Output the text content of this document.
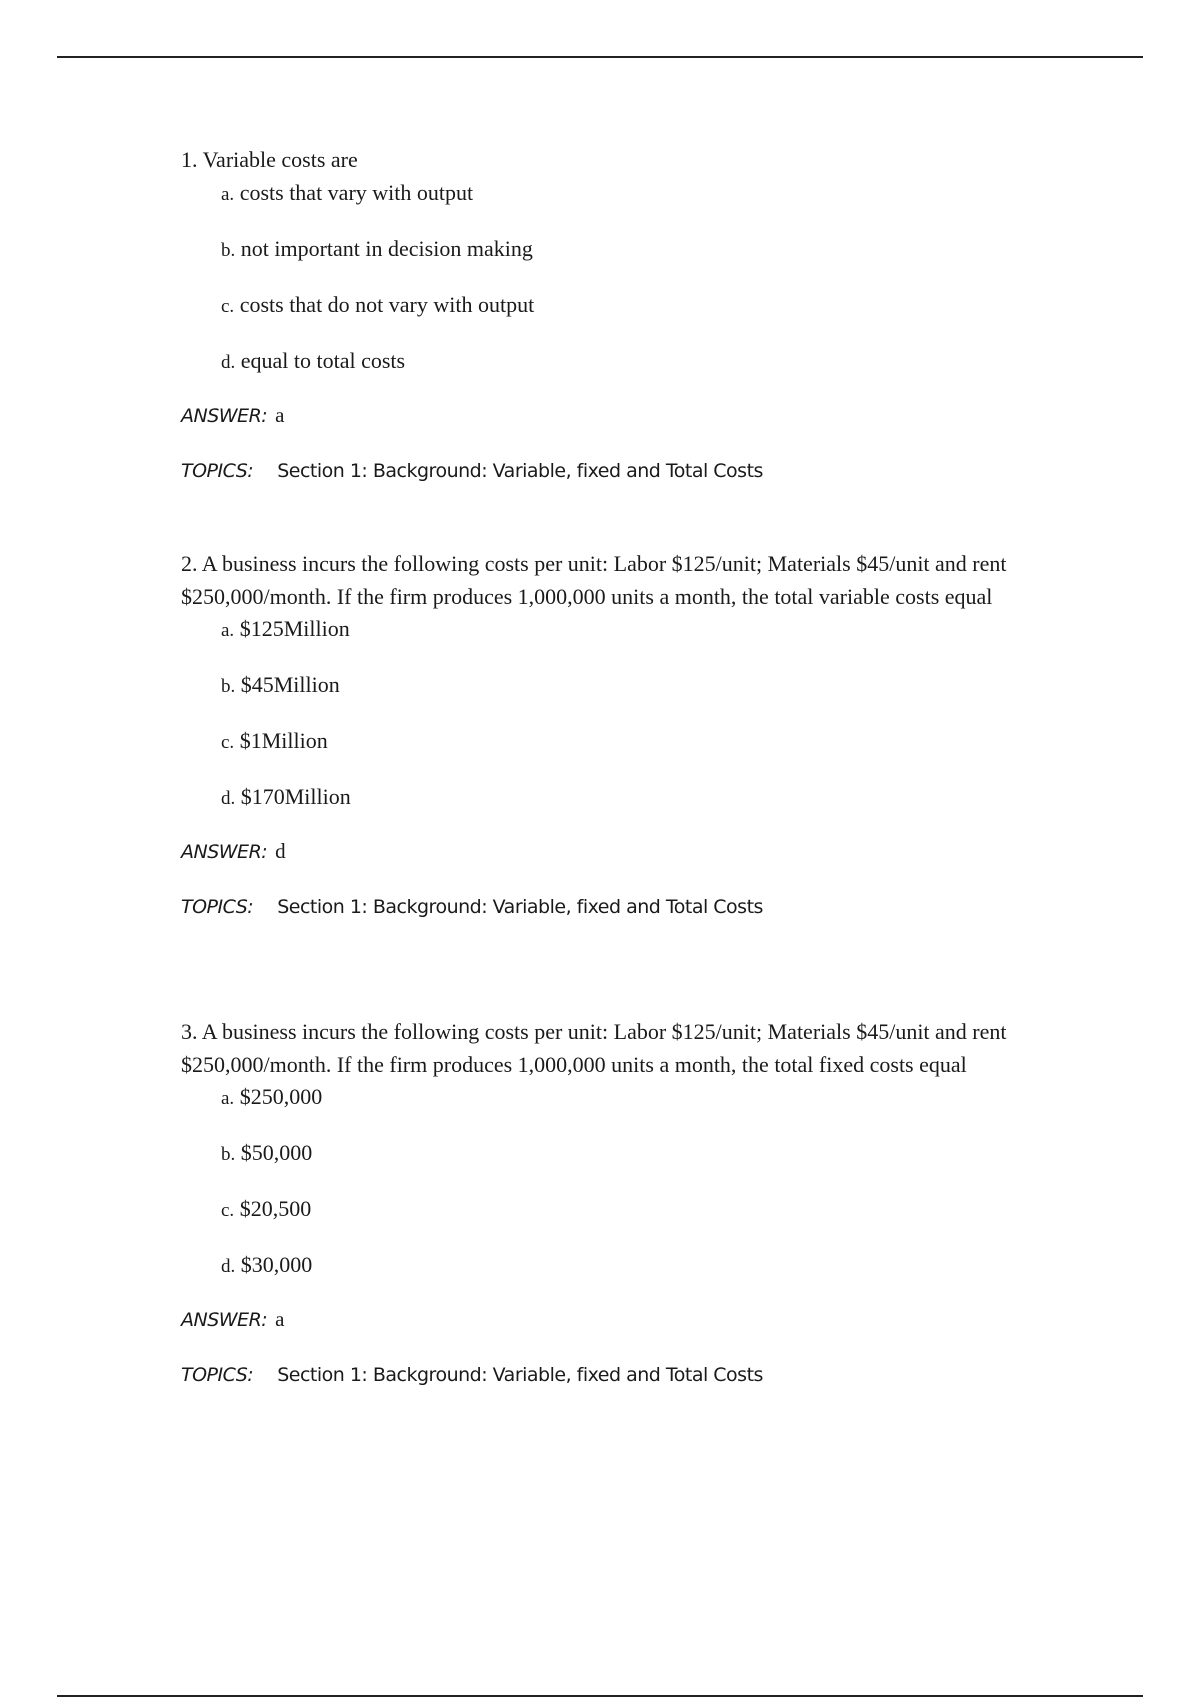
1. Variable costs are

a. costs that vary with output
b. not important in decision making
c. costs that do not vary with output
d. equal to total costs
ANSWER: a
TOPICS: Section 1: Background: Variable, fixed and Total Costs

2. A business incurs the following costs per unit: Labor $125/unit; Materials $45/unit and rent $250,000/month. If the firm produces 1,000,000 units a month, the total variable costs equal

a. $125Million
b. $45Million
c. $1Million
d. $170Million
ANSWER: d
TOPICS: Section 1: Background: Variable, fixed and Total Costs

3. A business incurs the following costs per unit: Labor $125/unit; Materials $45/unit and rent $250,000/month. If the firm produces 1,000,000 units a month, the total fixed costs equal

a. $250,000
b. $50,000
c. $20,500
d. $30,000
ANSWER: a
TOPICS: Section 1: Background: Variable, fixed and Total Costs
